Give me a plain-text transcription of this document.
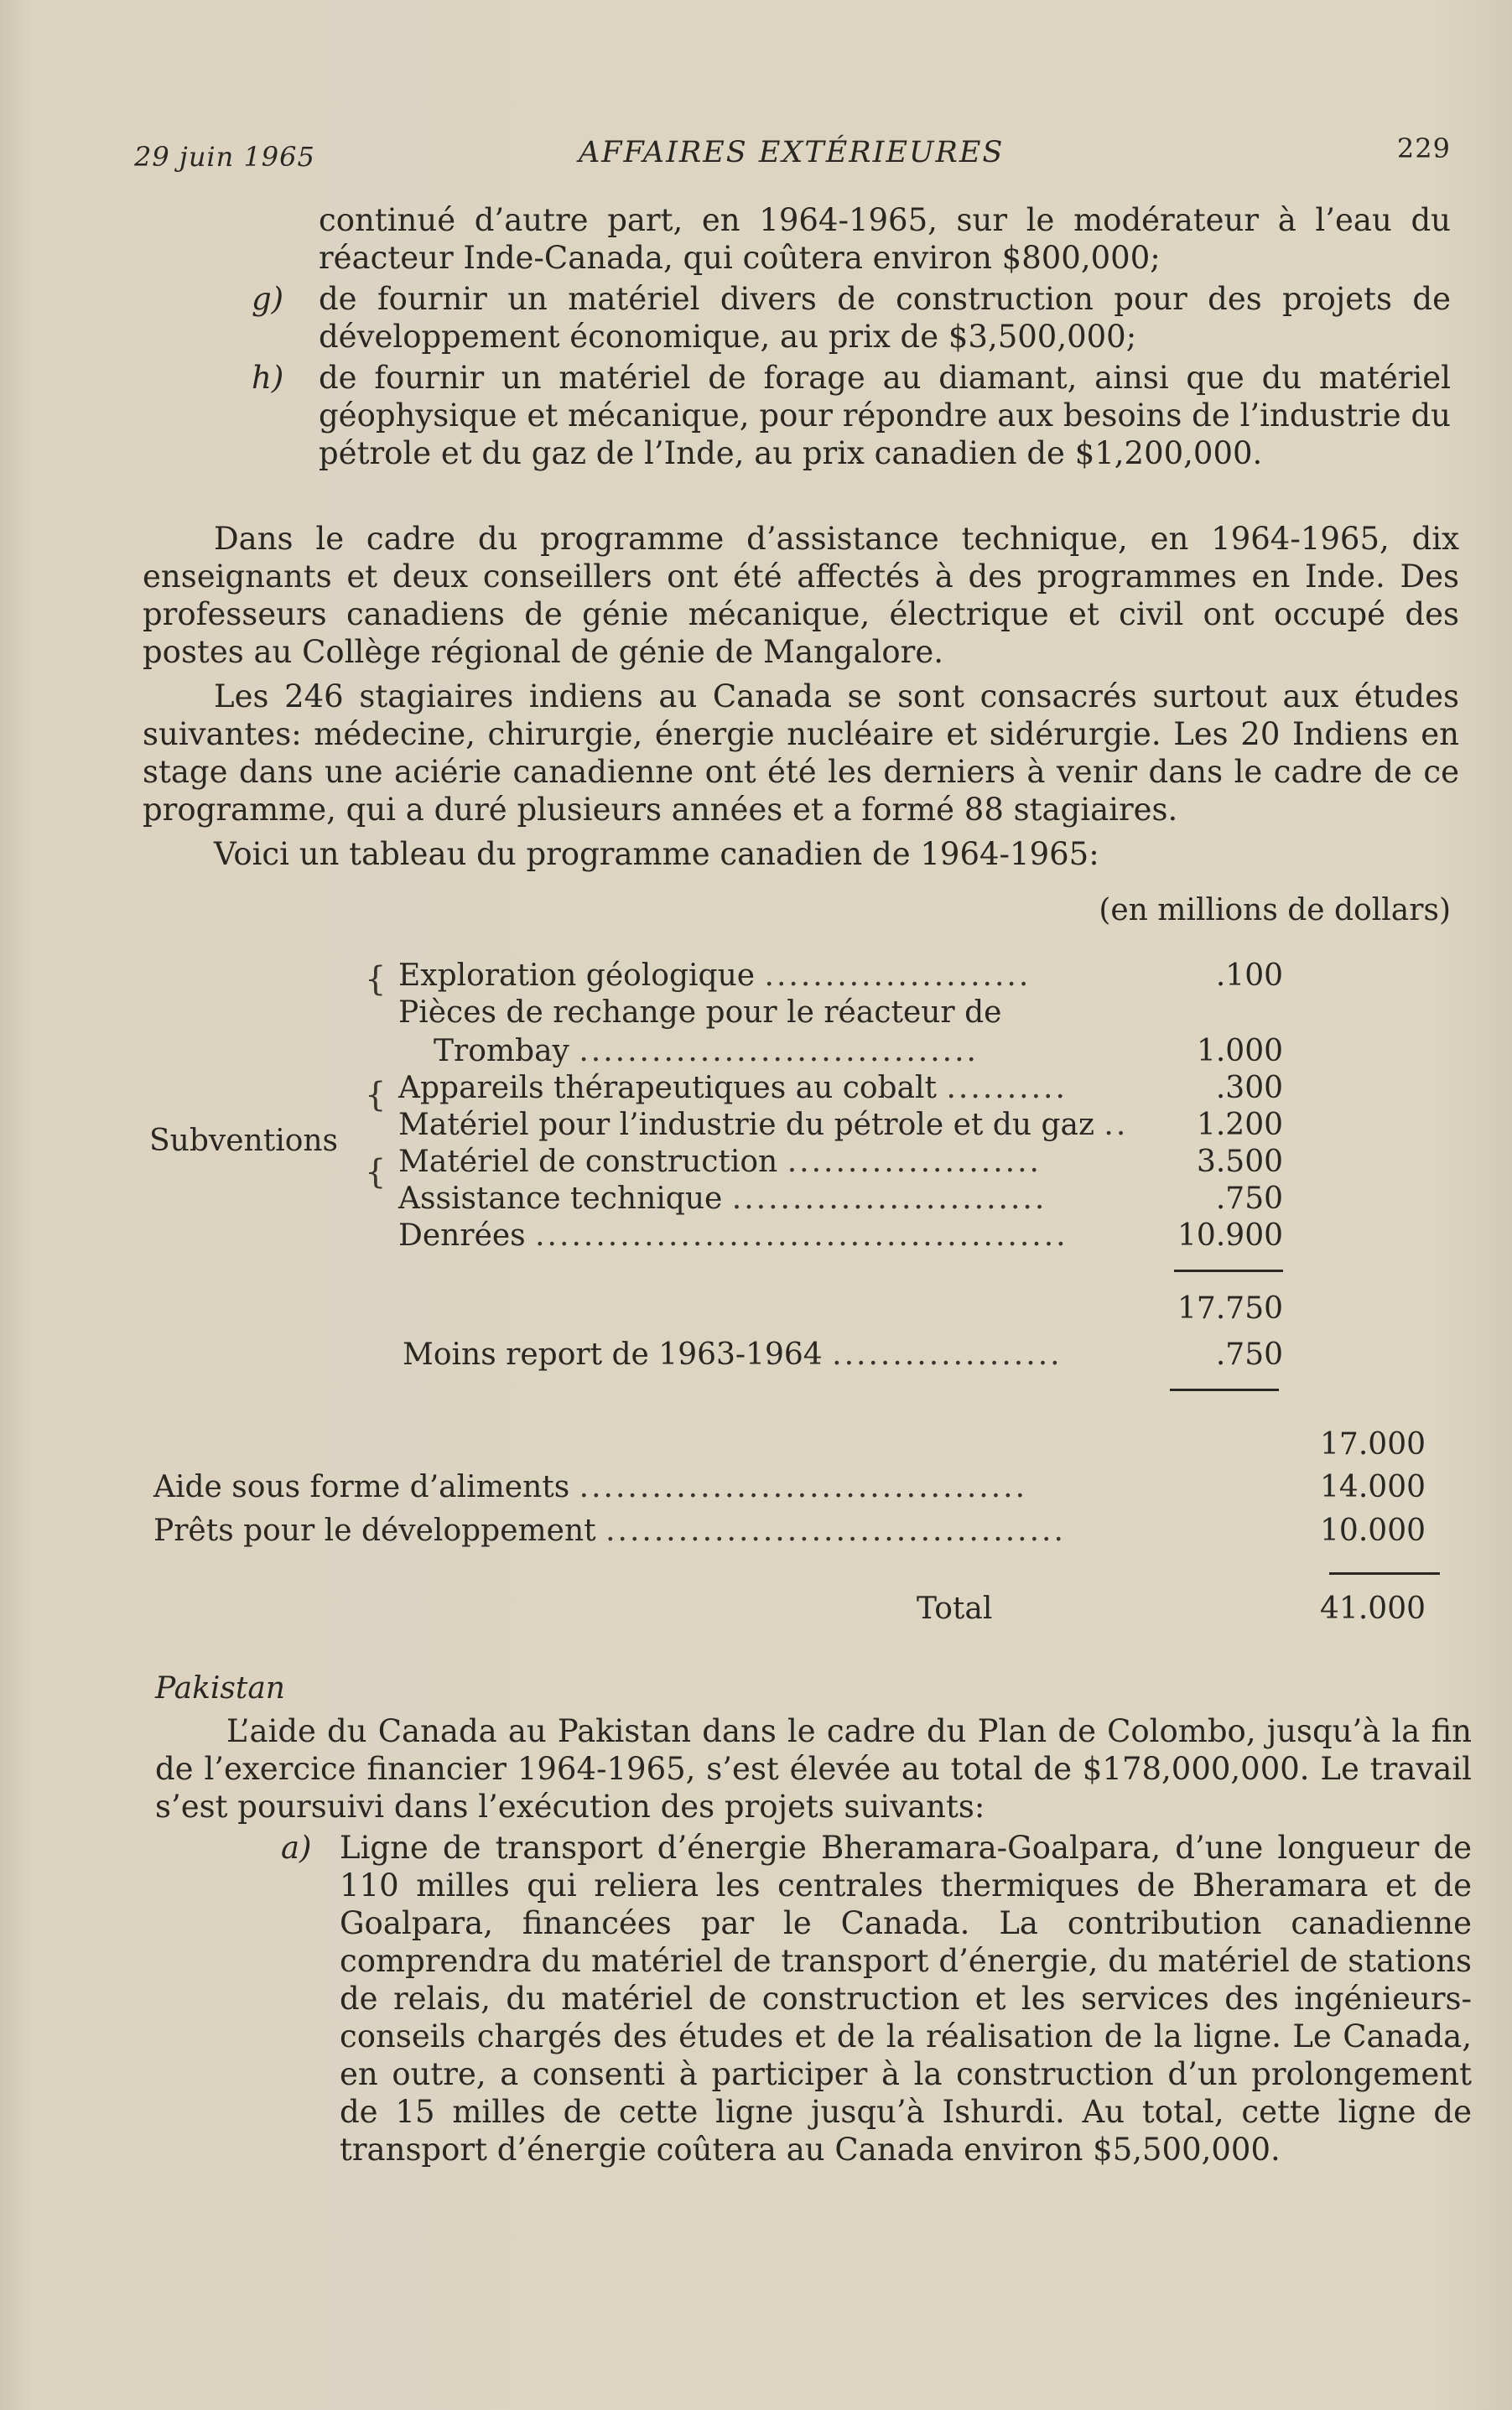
29 juin 1965	AFFAIRES EXTÉRIEURES	229

continué d’autre part, en 1964-1965, sur le modérateur à l’eau du réacteur Inde-Canada, qui coûtera environ $800,000;

g) de fournir un matériel divers de construction pour des projets de développement économique, au prix de $3,500,000;

h) de fournir un matériel de forage au diamant, ainsi que du matériel géophysique et mécanique, pour répondre aux besoins de l’industrie du pétrole et du gaz de l’Inde, au prix canadien de $1,200,000.

Dans le cadre du programme d’assistance technique, en 1964-1965, dix enseignants et deux conseillers ont été affectés à des programmes en Inde. Des professeurs canadiens de génie mécanique, électrique et civil ont occupé des postes au Collège régional de génie de Mangalore.

Les 246 stagiaires indiens au Canada se sont consacrés surtout aux études suivantes: médecine, chirurgie, énergie nucléaire et sidérurgie. Les 20 Indiens en stage dans une aciérie canadienne ont été les derniers à venir dans le cadre de ce programme, qui a duré plusieurs années et a formé 88 stagiaires.

Voici un tableau du programme canadien de 1964-1965:

(en millions de dollars)
{
{
{
Subventions
Exploration géologique ......................	.100
Pièces de rechange pour le réacteur de
Trombay .................................	1.000
Appareils thérapeutiques au cobalt ..........	.300
Matériel pour l’industrie du pétrole et du gaz ..	1.200
Matériel de construction .....................	3.500
Assistance technique ..........................	.750
Denrées ............................................	10.900
17.750
Moins report de 1963-1964 ...................	.750
17.000
Aide sous forme d’aliments .....................................	14.000
Prêts pour le développement ......................................	10.000
Total	41.000
Pakistan

L’aide du Canada au Pakistan dans le cadre du Plan de Colombo, jusqu’à la fin de l’exercice financier 1964-1965, s’est élevée au total de $178,000,000. Le travail s’est poursuivi dans l’exécution des projets suivants:

a) Ligne de transport d’énergie Bheramara-Goalpara, d’une longueur de 110 milles qui reliera les centrales thermiques de Bheramara et de Goalpara, financées par le Canada. La contribution canadienne comprendra du matériel de transport d’énergie, du matériel de stations de relais, du matériel de construction et les services des ingénieurs-conseils chargés des études et de la réalisation de la ligne. Le Canada, en outre, a consenti à participer à la construction d’un prolongement de 15 milles de cette ligne jusqu’à Ishurdi. Au total, cette ligne de transport d’énergie coûtera au Canada environ $5,500,000.
